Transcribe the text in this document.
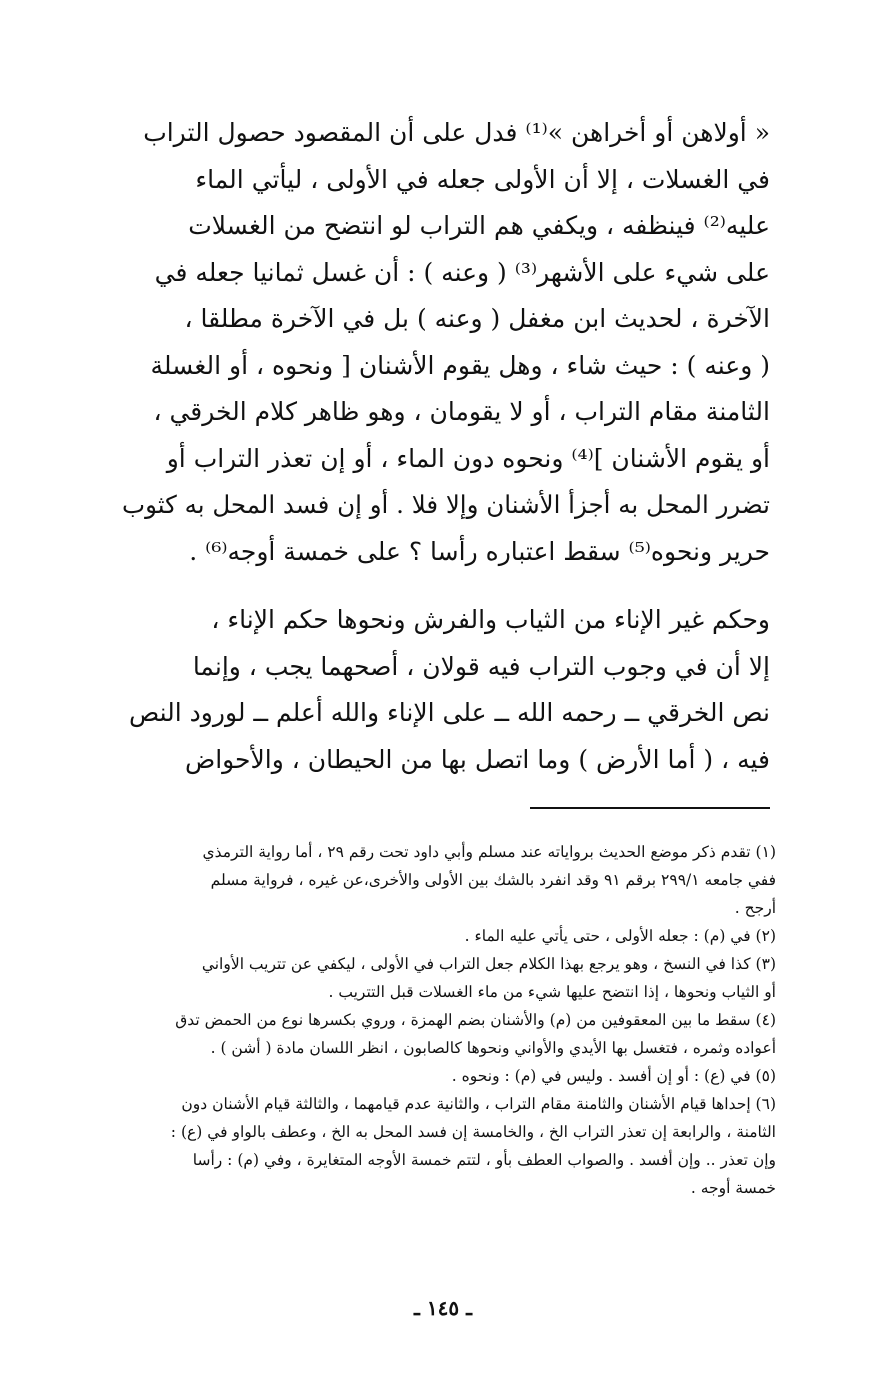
« أولاهن أو أخراهن »⁽¹⁾ فدل على أن المقصود حصول التراب
في الغسلات ، إلا أن الأولى جعله في الأولى ، ليأتي الماء
عليه⁽²⁾ فينظفه ، ويكفي هم التراب لو انتضح من الغسلات
على شيء على الأشهر⁽³⁾ ( وعنه ) : أن غسل ثمانيا جعله في
الآخرة ، لحديث ابن مغفل ( وعنه ) بل في الآخرة مطلقا ،
( وعنه ) : حيث شاء ، وهل يقوم الأشنان [ ونحوه ، أو الغسلة
الثامنة مقام التراب ، أو لا يقومان ، وهو ظاهر كلام الخرقي ،
أو يقوم الأشنان ]⁽⁴⁾ ونحوه دون الماء ، أو إن تعذر التراب أو
تضرر المحل به أجزأ الأشنان وإلا فلا . أو إن فسد المحل به كثوب
حرير ونحوه⁽⁵⁾ سقط اعتباره رأسا ؟ على خمسة أوجه⁽⁶⁾ .
وحكم غير الإناء من الثياب والفرش ونحوها حكم الإناء ،
إلا أن في وجوب التراب فيه قولان ، أصحهما يجب ، وإنما
نص الخرقي ــ رحمه الله ــ على الإناء والله أعلم ــ لورود النص
فيه ، ( أما الأرض ) وما اتصل بها من الحيطان ، والأحواض
(١) تقدم ذكر موضع الحديث برواياته عند مسلم وأبي داود تحت رقم ٢٩ ، أما رواية الترمذي
ففي جامعه ٢٩٩/١ برقم ٩١ وقد انفرد بالشك بين الأولى والأخرى،عن غيره ، فرواية مسلم
أرجح .
(٢) في (م) : جعله الأولى ، حتى يأتي عليه الماء .
(٣) كذا في النسخ ، وهو يرجع بهذا الكلام جعل التراب في الأولى ، ليكفي عن تتريب الأواني
أو الثياب ونحوها ، إذا انتضح عليها شيء من ماء الغسلات قبل التتريب .
(٤) سقط ما بين المعقوفين من (م) والأشنان بضم الهمزة ، وروي بكسرها نوع من الحمض تدق
أعواده وثمره ، فتغسل بها الأيدي والأواني ونحوها كالصابون ، انظر اللسان مادة ( أشن ) .
(٥) في (ع) : أو إن أفسد . وليس في (م) : ونحوه .
(٦) إحداها قيام الأشنان والثامنة مقام التراب ، والثانية عدم قيامهما ، والثالثة قيام الأشنان دون
الثامنة ، والرابعة إن تعذر التراب الخ ، والخامسة إن فسد المحل به الخ ، وعطف بالواو في (ع) :
وإن تعذر .. وإن أفسد . والصواب العطف بأو ، لتتم خمسة الأوجه المتغايرة ، وفي (م) : رأسا
خمسة أوجه .
ـ ١٤٥ ـ
